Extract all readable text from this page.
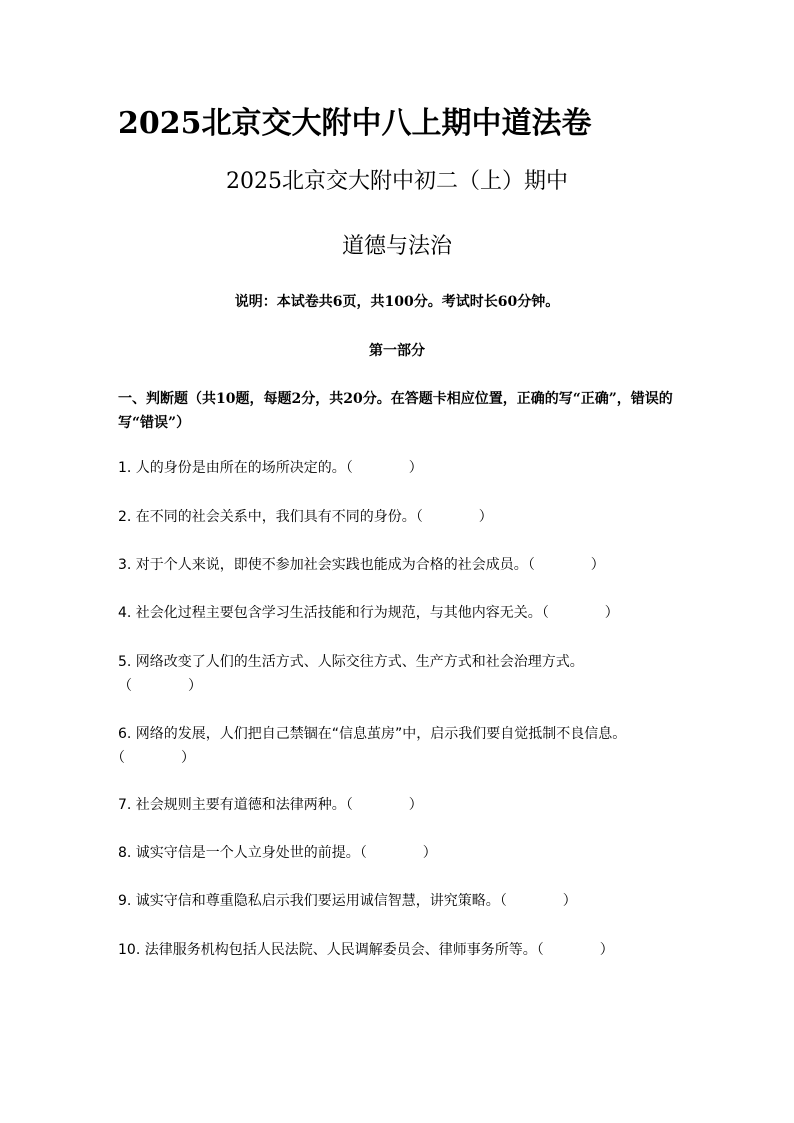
2025北京交大附中八上期中道法卷
2025北京交大附中初二（上）期中
道德与法治
说明：本试卷共6页，共100分。考试时长60分钟。
第一部分
一、判断题（共10题，每题2分，共20分。在答题卡相应位置，正确的写“正确”，错误的写“错误”）
1. 人的身份是由所在的场所决定的。（　　　　）
2. 在不同的社会关系中，我们具有不同的身份。（　　　　）
3. 对于个人来说，即使不参加社会实践也能成为合格的社会成员。（　　　　）
4. 社会化过程主要包含学习生活技能和行为规范，与其他内容无关。（　　　　）
5. 网络改变了人们的生活方式、人际交往方式、生产方式和社会治理方式。
（　　　　）
6. 网络的发展，人们把自己禁锢在“信息茧房”中，启示我们要自觉抵制不良信息。（　　　　）
7. 社会规则主要有道德和法律两种。（　　　　）
8. 诚实守信是一个人立身处世的前提。（　　　　）
9. 诚实守信和尊重隐私启示我们要运用诚信智慧，讲究策略。（　　　　）
10. 法律服务机构包括人民法院、人民调解委员会、律师事务所等。（　　　　）
